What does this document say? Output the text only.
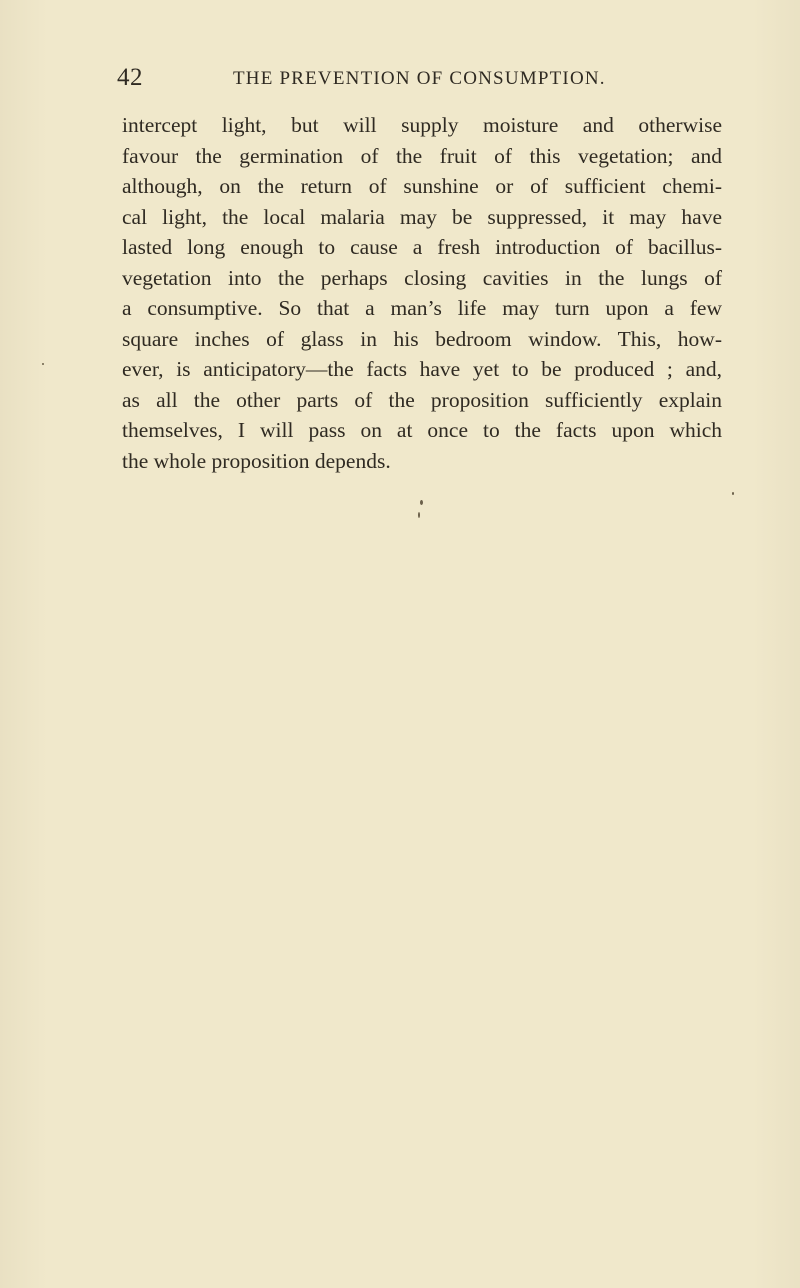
42	THE PREVENTION OF CONSUMPTION.
intercept light, but will supply moisture and otherwise
favour the germination of the fruit of this vegetation; and
although, on the return of sunshine or of sufficient chemi-
cal light, the local malaria may be suppressed, it may have
lasted long enough to cause a fresh introduction of bacillus-
vegetation into the perhaps closing cavities in the lungs of
a consumptive. So that a man’s life may turn upon a few
square inches of glass in his bedroom window. This, how-
ever, is anticipatory—the facts have yet to be produced ; and,
as all the other parts of the proposition sufficiently explain
themselves, I will pass on at once to the facts upon which
the whole proposition depends.
